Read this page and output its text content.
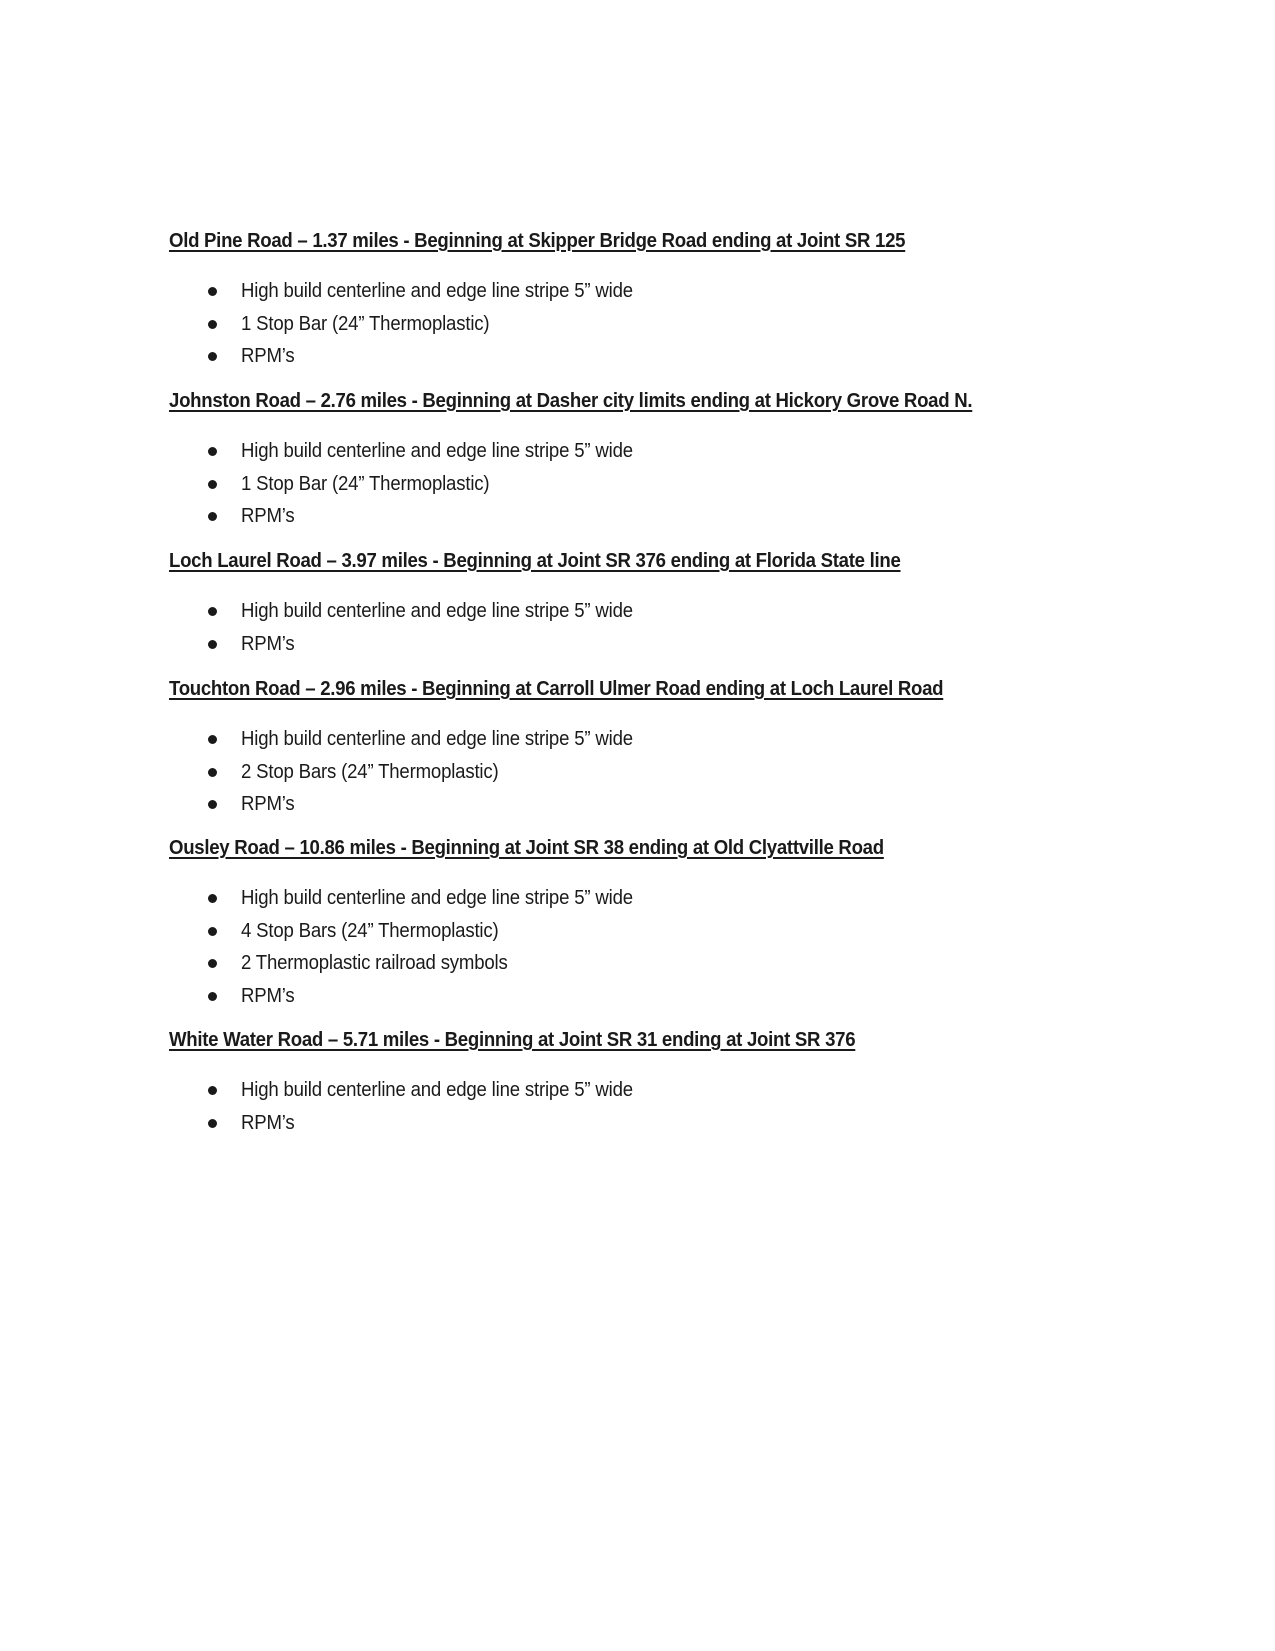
Old Pine Road – 1.37 miles - Beginning at Skipper Bridge Road ending at Joint SR 125
High build centerline and edge line stripe 5” wide
1 Stop Bar (24” Thermoplastic)
RPM’s
Johnston Road – 2.76 miles - Beginning at Dasher city limits ending at Hickory Grove Road N.
High build centerline and edge line stripe 5” wide
1 Stop Bar (24” Thermoplastic)
RPM’s
Loch Laurel Road – 3.97 miles - Beginning at Joint SR 376 ending at Florida State line
High build centerline and edge line stripe 5” wide
RPM’s
Touchton Road – 2.96 miles - Beginning at Carroll Ulmer Road ending at Loch Laurel Road
High build centerline and edge line stripe 5” wide
2 Stop Bars (24” Thermoplastic)
RPM’s
Ousley Road – 10.86 miles - Beginning at Joint SR 38 ending at Old Clyattville Road
High build centerline and edge line stripe 5” wide
4 Stop Bars (24” Thermoplastic)
2 Thermoplastic railroad symbols
RPM’s
White Water Road – 5.71 miles - Beginning at Joint SR 31 ending at Joint SR 376
High build centerline and edge line stripe 5” wide
RPM’s
